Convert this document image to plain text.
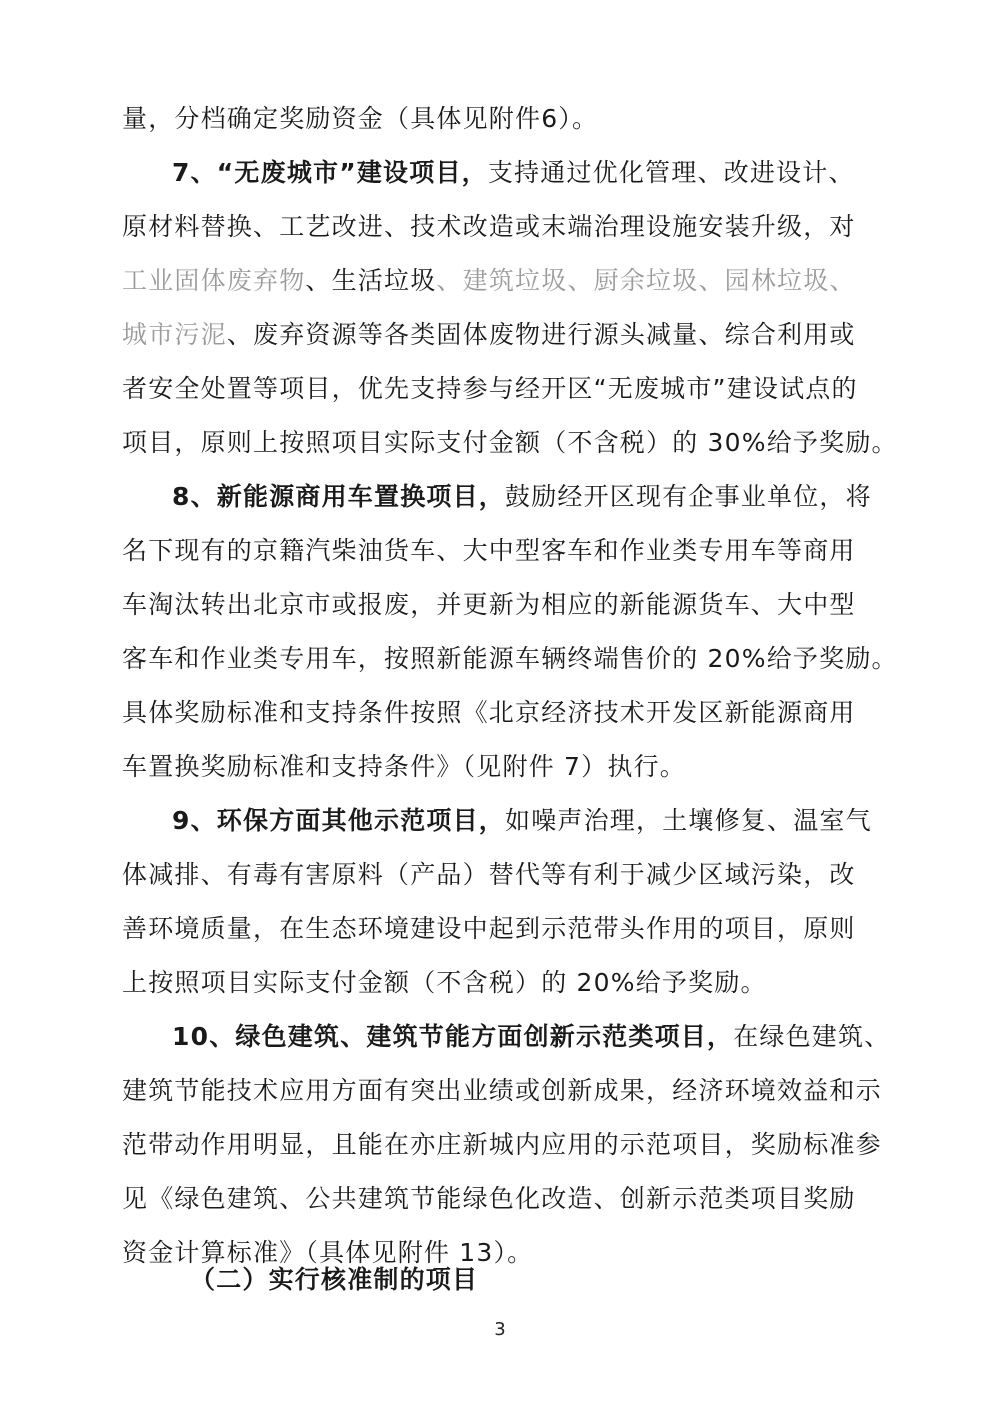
量，分档确定奖励资金（具体见附件6）。
7、“无废城市”建设项目，支持通过优化管理、改进设计、
原材料替换、工艺改进、技术改造或末端治理设施安装升级，对
工业固体废弃物、生活垃圾、建筑垃圾、厨余垃圾、园林垃圾、
城市污泥、废弃资源等各类固体废物进行源头减量、综合利用或
者安全处置等项目，优先支持参与经开区“无废城市”建设试点的
项目，原则上按照项目实际支付金额（不含税）的 30%给予奖励。
8、新能源商用车置换项目，鼓励经开区现有企事业单位，将
名下现有的京籍汽柴油货车、大中型客车和作业类专用车等商用
车淘汰转出北京市或报废，并更新为相应的新能源货车、大中型
客车和作业类专用车，按照新能源车辆终端售价的 20%给予奖励。
具体奖励标准和支持条件按照《北京经济技术开发区新能源商用
车置换奖励标准和支持条件》（见附件 7）执行。
9、环保方面其他示范项目，如噪声治理，土壤修复、温室气
体减排、有毒有害原料（产品）替代等有利于减少区域污染，改
善环境质量，在生态环境建设中起到示范带头作用的项目，原则
上按照项目实际支付金额（不含税）的 20%给予奖励。
10、绿色建筑、建筑节能方面创新示范类项目，在绿色建筑、
建筑节能技术应用方面有突出业绩或创新成果，经济环境效益和示
范带动作用明显，且能在亦庄新城内应用的示范项目，奖励标准参
见《绿色建筑、公共建筑节能绿色化改造、创新示范类项目奖励
资金计算标准》（具体见附件 13）。
（二）实行核准制的项目
3
